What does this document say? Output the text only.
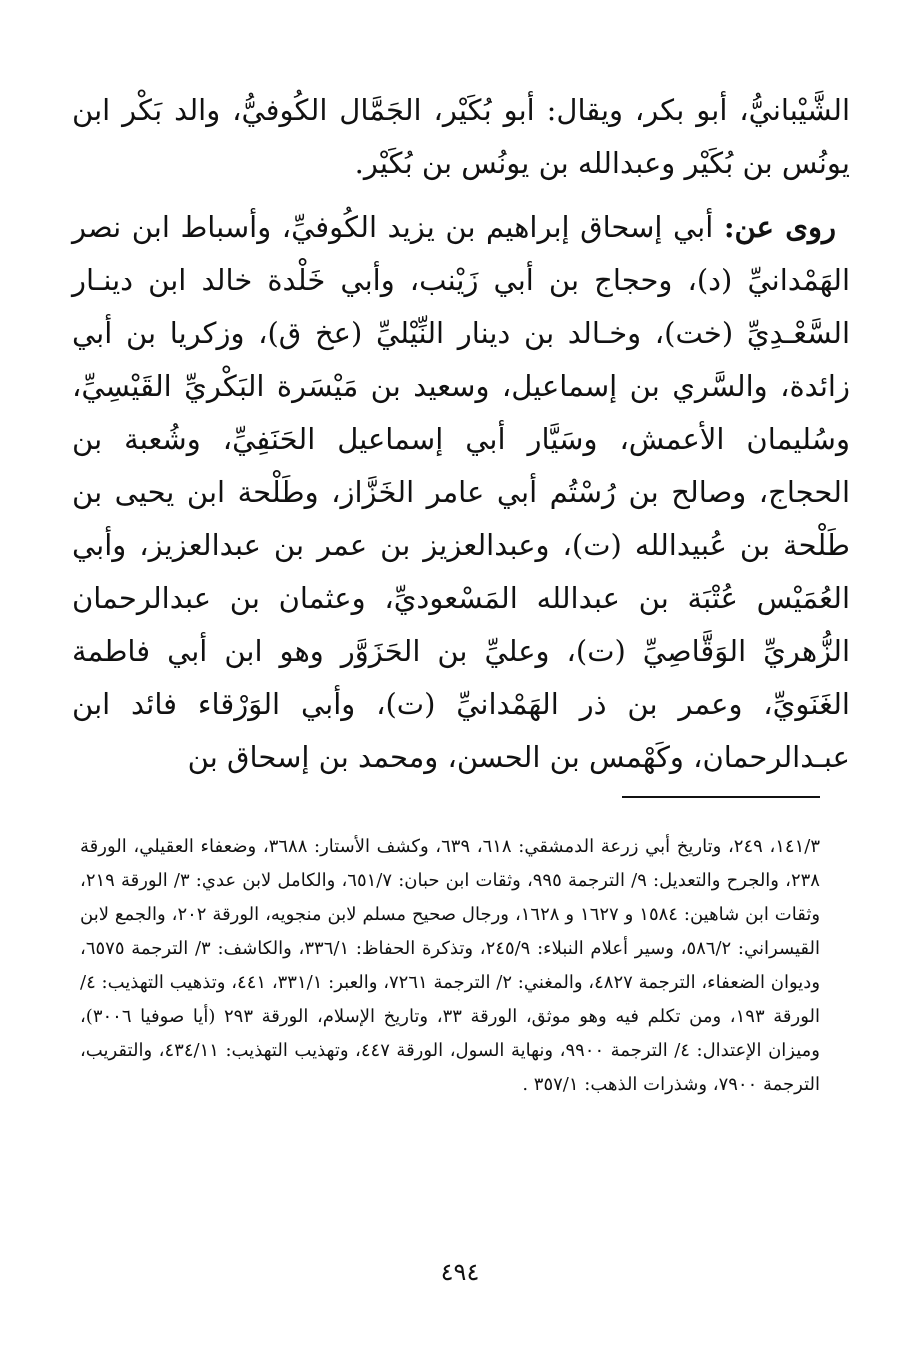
الشَّيْبانيُّ، أبو بكر، ويقال: أبو بُكَيْر، الجَمَّال الكُوفيُّ، والد بَكْر ابن يونُس بن بُكَيْر وعبدالله بن يونُس بن بُكَيْر.

روى عن: أبي إسحاق إبراهيم بن يزيد الكُوفيِّ، وأسباط ابن نصر الهَمْدانيِّ (د)، وحجاج بن أبي زَيْنب، وأبي خَلْدة خالد ابن دينـار السَّعْـدِيِّ (خت)، وخـالد بن دينار النِّيْليِّ (عخ ق)، وزكريا بن أبي زائدة، والسَّري بن إسماعيل، وسعيد بن مَيْسَرة البَكْريِّ القَيْسِيِّ، وسُليمان الأعمش، وسَيَّار أبي إسماعيل الحَنَفِيِّ، وشُعبة بن الحجاج، وصالح بن رُسْتُم أبي عامر الخَزَّاز، وطَلْحة ابن يحيى بن طَلْحة بن عُبيدالله (ت)، وعبدالعزيز بن عمر بن عبدالعزيز، وأبي العُمَيْس عُتْبَة بن عبدالله المَسْعوديِّ، وعثمان بن عبدالرحمان الزُّهريِّ الوَقَّاصِيِّ (ت)، وعليِّ بن الحَزَوَّر وهو ابن أبي فاطمة الغَنَويِّ، وعمر بن ذر الهَمْدانيِّ (ت)، وأبي الوَرْقاء فائد ابن عبـدالرحمان، وكَهْمس بن الحسن، ومحمد بن إسحاق بن

١٤١/٣، ٢٤٩، وتاريخ أبي زرعة الدمشقي: ٦١٨، ٦٣٩، وكشف الأستار: ٣٦٨٨، وضعفاء العقيلي، الورقة ٢٣٨، والجرح والتعديل: ٩/ الترجمة ٩٩٥، وثقات ابن حبان: ٦٥١/٧، والكامل لابن عدي: ٣/ الورقة ٢١٩، وثقات ابن شاهين: ١٥٨٤ و ١٦٢٧ و ١٦٢٨، ورجال صحيح مسلم لابن منجويه، الورقة ٢٠٢، والجمع لابن القيسراني: ٥٨٦/٢، وسير أعلام النبلاء: ٢٤٥/٩، وتذكرة الحفاظ: ٣٣٦/١، والكاشف: ٣/ الترجمة ٦٥٧٥، وديوان الضعفاء، الترجمة ٤٨٢٧، والمغني: ٢/ الترجمة ٧٢٦١، والعبر: ٣٣١/١، ٤٤١، وتذهيب التهذيب: ٤/ الورقة ١٩٣، ومن تكلم فيه وهو موثق، الورقة ٣٣، وتاريخ الإسلام، الورقة ٢٩٣ (أيا صوفيا ٣٠٠٦)، وميزان الإعتدال: ٤/ الترجمة ٩٩٠٠، ونهاية السول، الورقة ٤٤٧، وتهذيب التهذيب: ٤٣٤/١١، والتقريب، الترجمة ٧٩٠٠، وشذرات الذهب: ٣٥٧/١ .

٤٩٤
